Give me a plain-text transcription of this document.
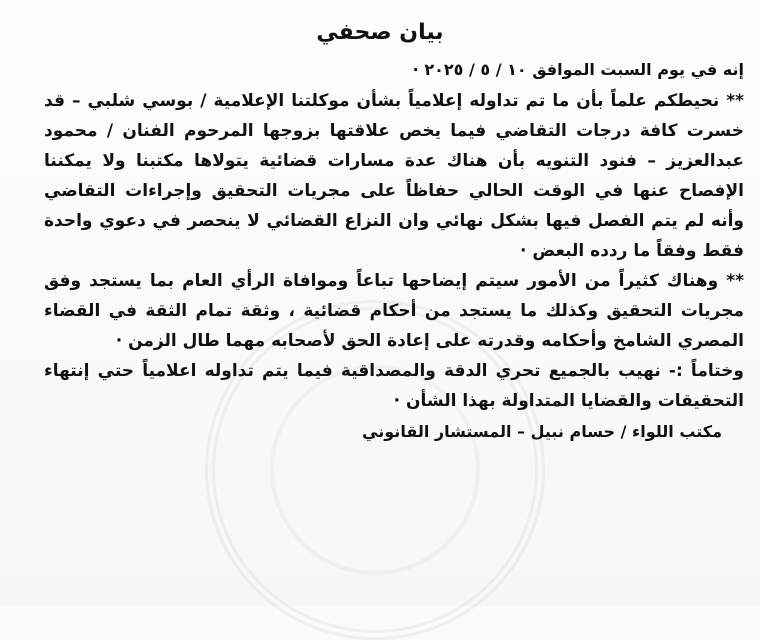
بيان صحفي
إنه في يوم السبت الموافق ١٠ / ٥ / ٢٠٢٥ ·

** نحيطكم علماً بأن ما تم تداوله إعلامياً بشأن موكلتنا الإعلامية / بوسي شلبي – قد خسرت كافة درجات التقاضي فيما يخص علاقتها بزوجها المرحوم الفنان / محمود عبدالعزيز – فنود التنويه بأن هناك عدة مسارات قضائية يتولاها مكتبنا ولا يمكننا الإفصاح عنها في الوقت الحالي حفاظاً على مجريات التحقيق وإجراءات التقاضي وأنه لم يتم الفصل فيها بشكل نهائي وان النزاع القضائي لا ينحصر في دعوي واحدة فقط وفقاً ما ردده البعض ·

** وهناك كثيراً من الأمور سيتم إيضاحها تباعاً وموافاة الرأي العام بما يستجد وفق مجريات التحقيق وكذلك ما يستجد من أحكام قضائية ، وثقة تمام الثقة في القضاء المصري الشامخ وأحكامه وقدرته على إعادة الحق لأصحابه مهما طال الزمن ·

وختاماً :- نهيب بالجميع تحري الدقة والمصداقية فيما يتم تداوله اعلامياً حتي إنتهاء التحقيقات والقضايا المتداولة بهذا الشأن ·

مكتب اللواء / حسام نبيل – المستشار القانوني
